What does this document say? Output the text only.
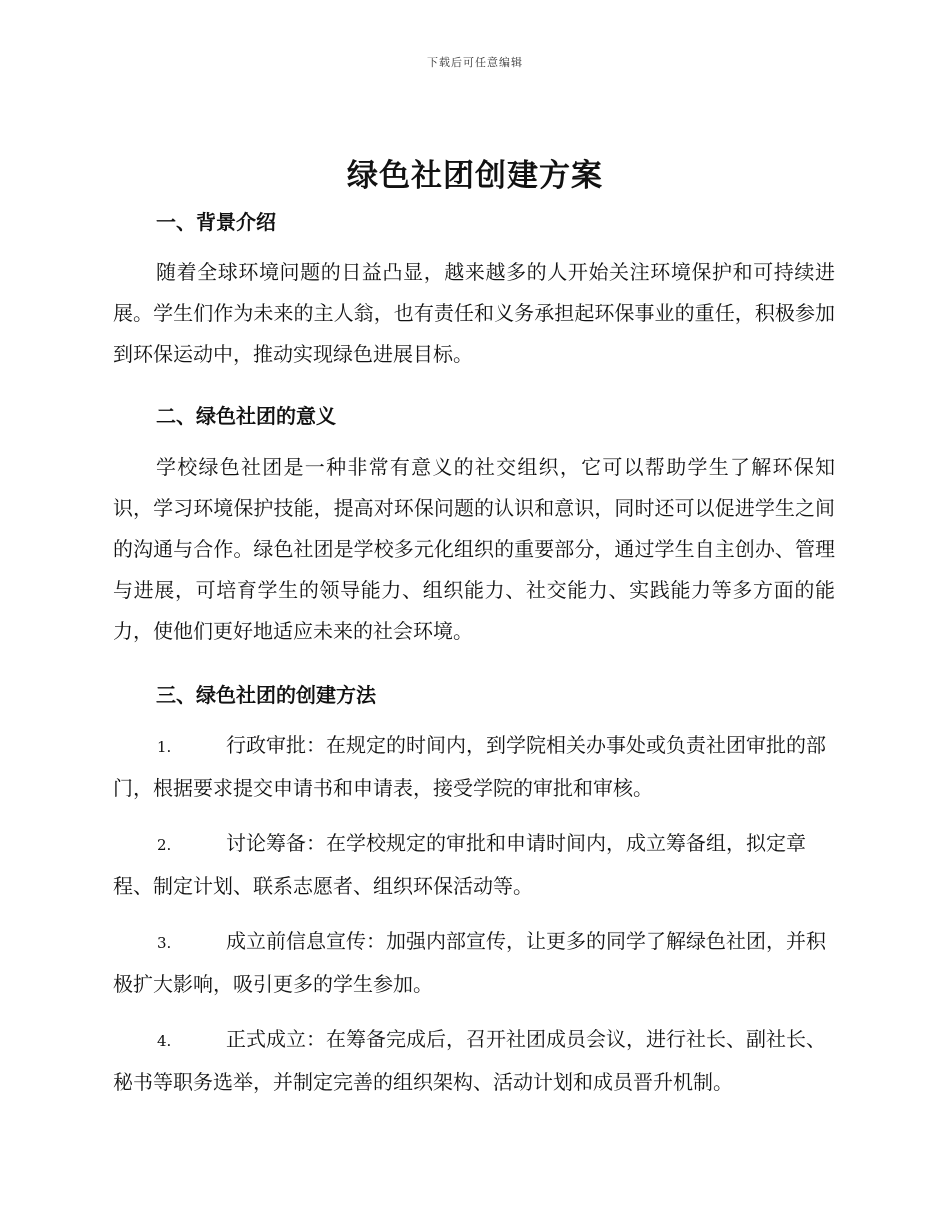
下载后可任意编辑
绿色社团创建方案
一、背景介绍
随着全球环境问题的日益凸显，越来越多的人开始关注环境保护和可持续进展。学生们作为未来的主人翁，也有责任和义务承担起环保事业的重任，积极参加到环保运动中，推动实现绿色进展目标。
二、绿色社团的意义
学校绿色社团是一种非常有意义的社交组织，它可以帮助学生了解环保知识，学习环境保护技能，提高对环保问题的认识和意识，同时还可以促进学生之间的沟通与合作。绿色社团是学校多元化组织的重要部分，通过学生自主创办、管理与进展，可培育学生的领导能力、组织能力、社交能力、实践能力等多方面的能力，使他们更好地适应未来的社会环境。
三、绿色社团的创建方法
1.	行政审批：在规定的时间内，到学院相关办事处或负责社团审批的部门，根据要求提交申请书和申请表，接受学院的审批和审核。
2.	讨论筹备：在学校规定的审批和申请时间内，成立筹备组，拟定章程、制定计划、联系志愿者、组织环保活动等。
3.	成立前信息宣传：加强内部宣传，让更多的同学了解绿色社团，并积极扩大影响，吸引更多的学生参加。
4.	正式成立：在筹备完成后，召开社团成员会议，进行社长、副社长、秘书等职务选举，并制定完善的组织架构、活动计划和成员晋升机制。
